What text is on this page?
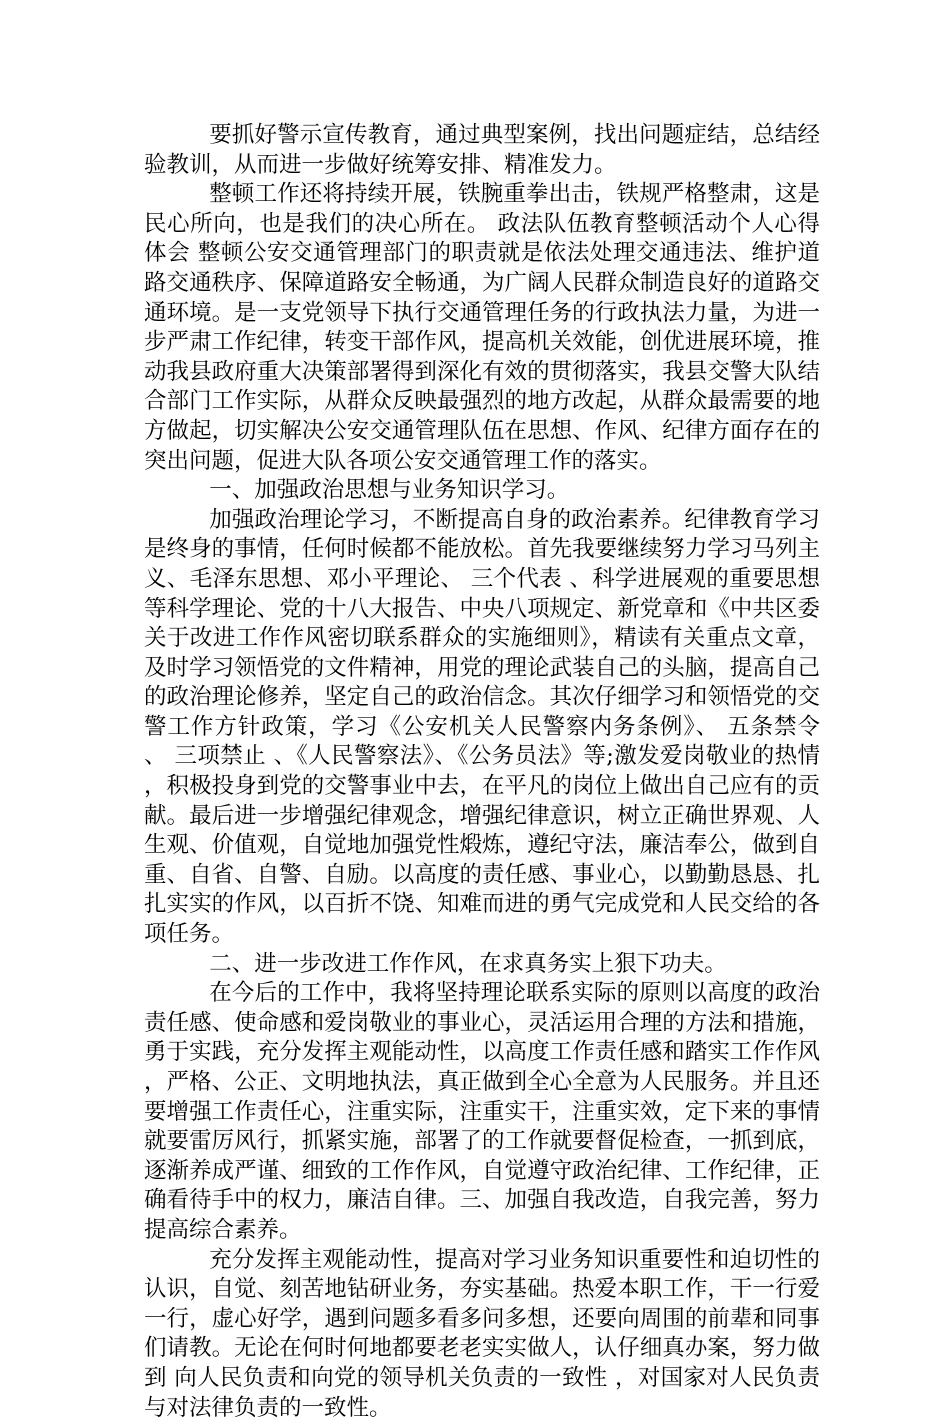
要抓好警示宣传教育，通过典型案例，找出问题症结，总结经验教训，从而进一步做好统筹安排、精准发力。

整顿工作还将持续开展，铁腕重拳出击，铁规严格整肃，这是民心所向，也是我们的决心所在。 政法队伍教育整顿活动个人心得体会 整顿公安交通管理部门的职责就是依法处理交通违法、维护道路交通秩序、保障道路安全畅通，为广阔人民群众制造良好的道路交通环境。是一支党领导下执行交通管理任务的行政执法力量，为进一步严肃工作纪律，转变干部作风，提高机关效能，创优进展环境，推动我县政府重大决策部署得到深化有效的贯彻落实，我县交警大队结合部门工作实际，从群众反映最强烈的地方改起，从群众最需要的地方做起，切实解决公安交通管理队伍在思想、作风、纪律方面存在的突出问题，促进大队各项公安交通管理工作的落实。

一、加强政治思想与业务知识学习。

加强政治理论学习，不断提高自身的政治素养。纪律教育学习是终身的事情，任何时候都不能放松。首先我要继续努力学习马列主义、毛泽东思想、邓小平理论、 三个代表 、科学进展观的重要思想等科学理论、党的十八大报告、中央八项规定、新党章和《中共区委关于改进工作作风密切联系群众的实施细则》，精读有关重点文章，及时学习领悟党的文件精神，用党的理论武装自己的头脑，提高自己的政治理论修养，坚定自己的政治信念。其次仔细学习和领悟党的交警工作方针政策，学习《公安机关人民警察内务条例》、 五条禁令 、 三项禁止 、《人民警察法》、《公务员法》等;激发爱岗敬业的热情，积极投身到党的交警事业中去，在平凡的岗位上做出自己应有的贡献。最后进一步增强纪律观念，增强纪律意识，树立正确世界观、人生观、价值观，自觉地加强党性煅炼，遵纪守法，廉洁奉公，做到自重、自省、自警、自励。以高度的责任感、事业心，以勤勤恳恳、扎扎实实的作风，以百折不饶、知难而进的勇气完成党和人民交给的各项任务。

二、进一步改进工作作风，在求真务实上狠下功夫。

在今后的工作中，我将坚持理论联系实际的原则以高度的政治责任感、使命感和爱岗敬业的事业心，灵活运用合理的方法和措施，勇于实践，充分发挥主观能动性，以高度工作责任感和踏实工作作风，严格、公正、文明地执法，真正做到全心全意为人民服务。并且还要增强工作责任心，注重实际，注重实干，注重实效，定下来的事情就要雷厉风行，抓紧实施，部署了的工作就要督促检查，一抓到底，逐渐养成严谨、细致的工作作风，自觉遵守政治纪律、工作纪律，正确看待手中的权力，廉洁自律。三、加强自我改造，自我完善，努力提高综合素养。

充分发挥主观能动性，提高对学习业务知识重要性和迫切性的认识，自觉、刻苦地钻研业务，夯实基础。热爱本职工作，干一行爱一行，虚心好学，遇到问题多看多问多想，还要向周围的前辈和同事们请教。无论在何时何地都要老老实实做人，认仔细真办案，努力做到 向人民负责和向党的领导机关负责的一致性 ，对国家对人民负责与对法律负责的一致性。
